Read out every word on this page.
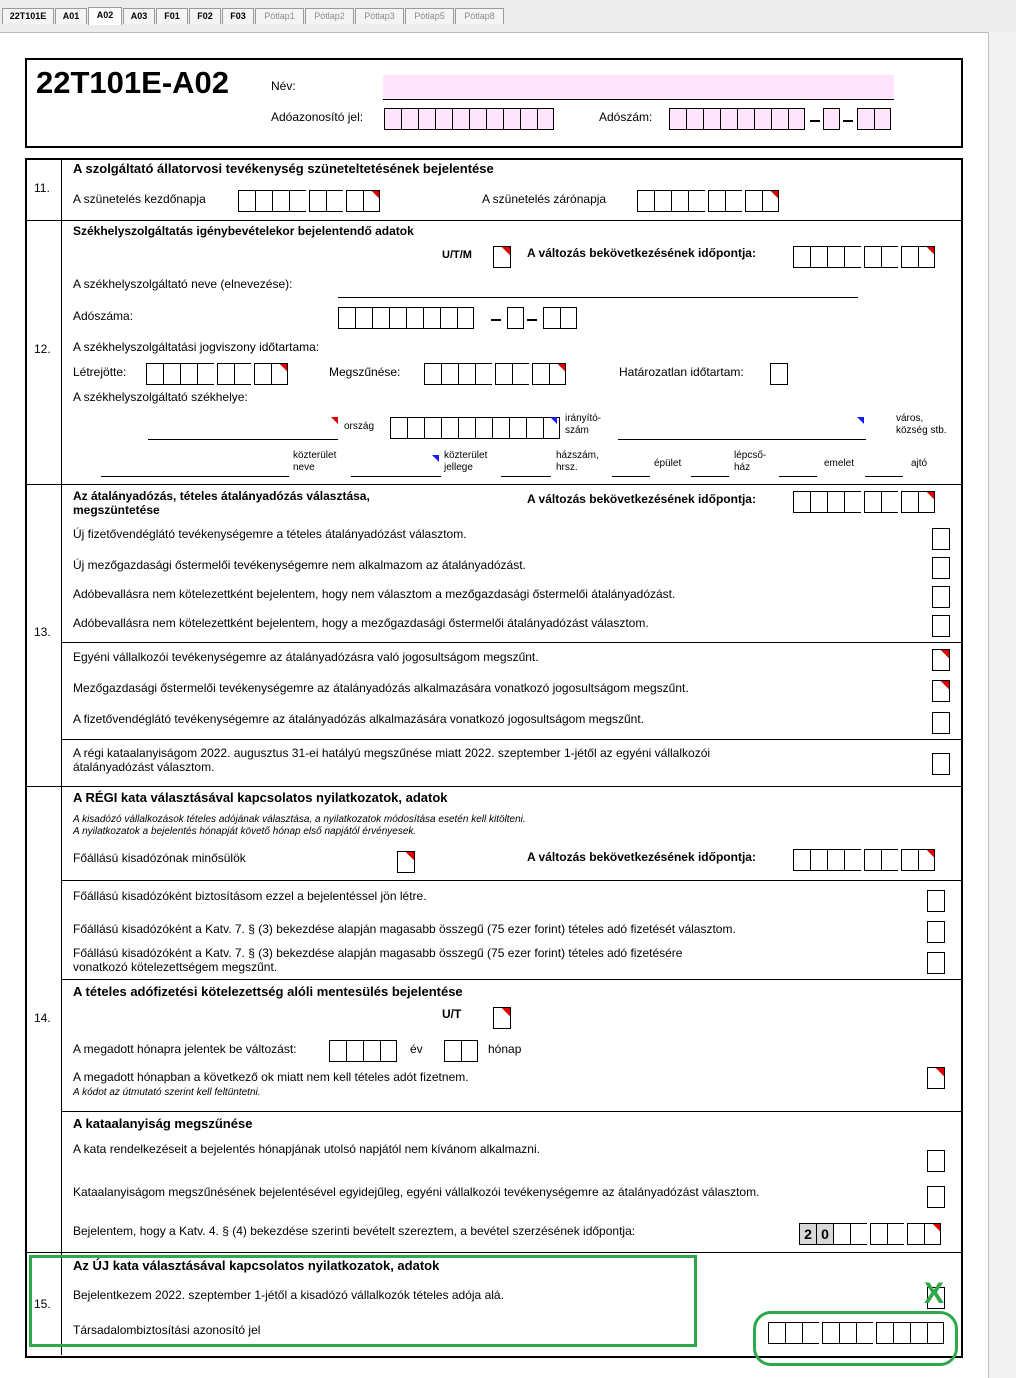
22T101E	A01	A02	A03	F01	F02	F03	Pótlap1	Pótlap2	Pótlap3	Pótlap5	Pótlap8
22T101E-A02	Név:
Adóazonosító jel:	Adószám:
11.
A szolgáltató állatorvosi tevékenység szüneteltetésének bejelentése
A szünetelés kezdőnapja	A szünetelés zárónapja
12.
Székhelyszolgáltatás igénybevételekor bejelentendő adatok
U/T/M	A változás bekövetkezésének időpontja:
A székhelyszolgáltató neve (elnevezése):
Adószáma:
A székhelyszolgáltatási jogviszony időtartama:
Létrejötte:	Megszűnése:	Határozatlan időtartam:
A székhelyszolgáltató székhelye:
ország
irányító-
szám
város,
község stb.
közterület
neve
közterület
jellege
házszám,
hrsz.	épület
lépcső-
ház	emelet	ajtó
13.
Az átalányadózás, tételes átalányadózás választása,
megszüntetése
A változás bekövetkezésének időpontja:
Új fizetővendéglátó tevékenységemre a tételes átalányadózást választom.
Új mezőgazdasági őstermelői tevékenységemre nem alkalmazom az átalányadózást.
Adóbevallásra nem kötelezettként bejelentem, hogy nem választom a mezőgazdasági őstermelői átalányadózást.
Adóbevallásra nem kötelezettként bejelentem, hogy a mezőgazdasági őstermelői átalányadózást választom.
Egyéni vállalkozói tevékenységemre az átalányadózásra való jogosultságom megszűnt.
Mezőgazdasági őstermelői tevékenységemre az átalányadózás alkalmazására vonatkozó jogosultságom megszűnt.
A fizetővendéglátó tevékenységemre az átalányadózás alkalmazására vonatkozó jogosultságom megszűnt.
A régi kataalanyiságom 2022. augusztus 31-ei hatályú megszűnése miatt 2022. szeptember 1-jétől az egyéni vállalkozói
átalányadózást választom.
14.
A RÉGI kata választásával kapcsolatos nyilatkozatok, adatok
A kisadózó vállalkozások tételes adójának választása, a nyilatkozatok módosítása esetén kell kitölteni.
A nyilatkozatok a bejelentés hónapját követő hónap első napjától érvényesek.
Főállású kisadózónak minősülök	A változás bekövetkezésének időpontja:
Főállású kisadózóként biztosításom ezzel a bejelentéssel jön létre.
Főállású kisadózóként a Katv. 7. § (3) bekezdése alapján magasabb összegű (75 ezer forint) tételes adó fizetését választom.
Főállású kisadózóként a Katv. 7. § (3) bekezdése alapján magasabb összegű (75 ezer forint) tételes adó fizetésére
vonatkozó kötelezettségem megszűnt.
A tételes adófizetési kötelezettség alóli mentesülés bejelentése
U/T
A megadott hónapra jelentek be változást:	év	hónap
A megadott hónapban a következő ok miatt nem kell tételes adót fizetnem.
A kódot az útmutató szerint kell feltüntetni.
A kataalanyiság megszűnése
A kata rendelkezéseit a bejelentés hónapjának utolsó napjától nem kívánom alkalmazni.
Kataalanyiságom megszűnésének bejelentésével egyidejűleg, egyéni vállalkozói tevékenységemre az átalányadózást választom.
Bejelentem, hogy a Katv. 4. § (4) bekezdése szerinti bevételt szereztem, a bevétel szerzésének időpontja:	2 0
15.
Az ÚJ kata választásával kapcsolatos nyilatkozatok, adatok
Bejelentkezem 2022. szeptember 1-jétől a kisadózó vállalkozók tételes adója alá.	X
Társadalombiztosítási azonosító jel
